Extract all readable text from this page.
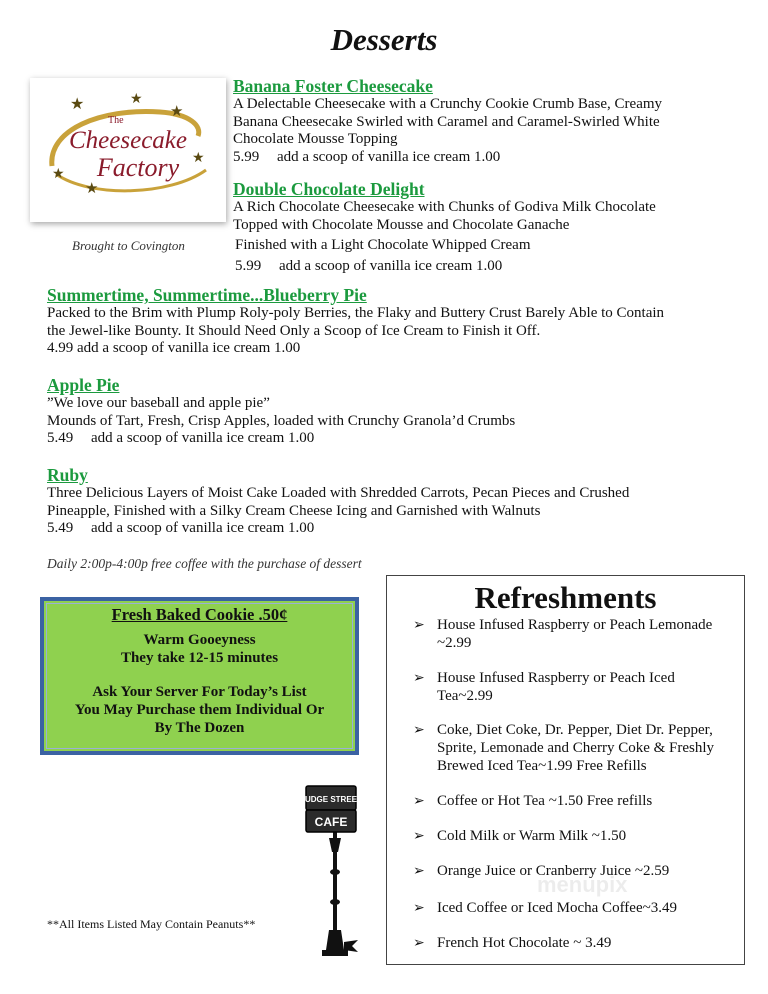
Desserts
★	★
★
★
★
★
The
Cheesecake
Factory
Brought to Covington
Banana Foster Cheesecake
A Delectable Cheesecake with a Crunchy Cookie Crumb Base, Creamy
Banana Cheesecake Swirled with Caramel and Caramel-Swirled White
Chocolate Mousse Topping
5.99 add a scoop of vanilla ice cream 1.00
Double Chocolate Delight
A Rich Chocolate Cheesecake with Chunks of Godiva Milk Chocolate
Topped with Chocolate Mousse and Chocolate Ganache
Finished with a Light Chocolate Whipped Cream
5.99 add a scoop of vanilla ice cream 1.00
Summertime, Summertime...Blueberry Pie
Packed to the Brim with Plump Roly-poly Berries, the Flaky and Buttery Crust Barely Able to Contain
the Jewel-like Bounty. It Should Need Only a Scoop of Ice Cream to Finish it Off.
4.99 add a scoop of vanilla ice cream 1.00
Apple Pie
”We love our baseball and apple pie”
Mounds of Tart, Fresh, Crisp Apples, loaded with Crunchy Granola’d Crumbs
5.49 add a scoop of vanilla ice cream 1.00
Ruby
Three Delicious Layers of Moist Cake Loaded with Shredded Carrots, Pecan Pieces and Crushed
Pineapple, Finished with a Silky Cream Cheese Icing and Garnished with Walnuts
5.49 add a scoop of vanilla ice cream 1.00
Daily 2:00p-4:00p free coffee with the purchase of dessert
Fresh Baked Cookie .50¢
Warm Gooeyness
They take 12-15 minutes
Ask Your Server For Today’s List
You May Purchase them Individual Or
By The Dozen
Refreshments
➢ House Infused Raspberry or Peach Lemonade ~2.99
➢ House Infused Raspberry or Peach Iced Tea~2.99
➢ Coke, Diet Coke, Dr. Pepper, Diet Dr. Pepper, Sprite, Lemonade and Cherry Coke & Freshly Brewed Iced Tea~1.99 Free Refills
➢ Coffee or Hot Tea ~1.50 Free refills
➢ Cold Milk or Warm Milk ~1.50
➢ Orange Juice or Cranberry Juice ~2.59
➢ Iced Coffee or Iced Mocha Coffee~3.49
➢ French Hot Chocolate ~ 3.49
menupix
FUDGE STREET
CAFE
**All Items Listed May Contain Peanuts**
